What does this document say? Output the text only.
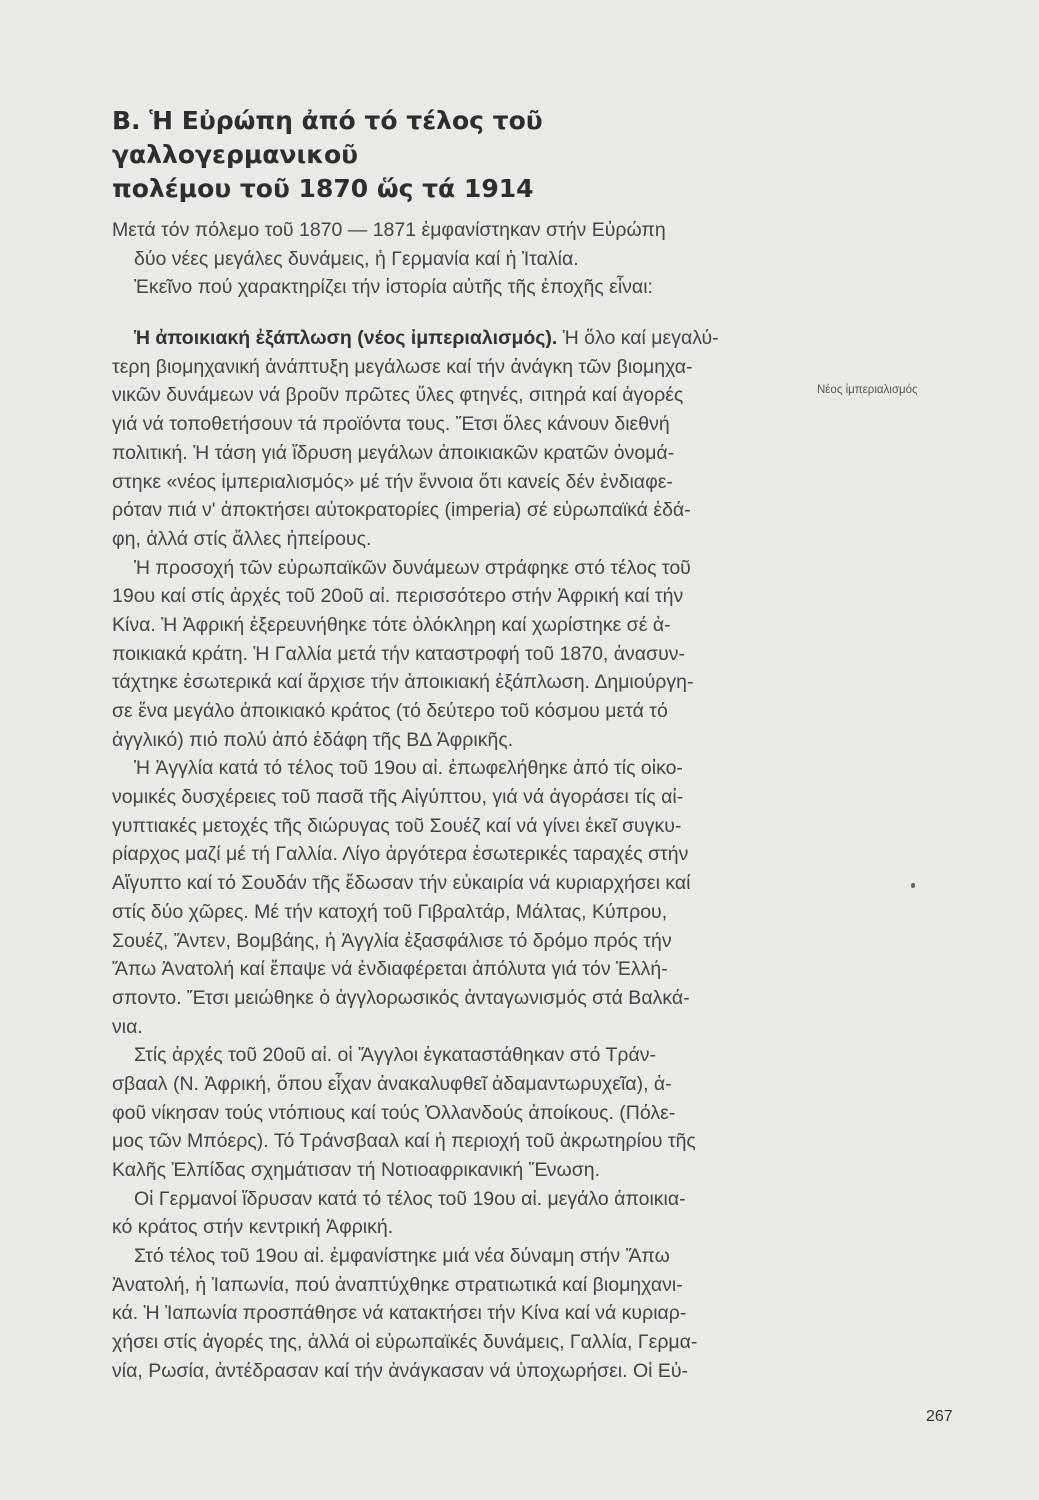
Β. Ἡ Εὐρώπη ἀπό τό τέλος τοῦ γαλλογερμανικοῦ
πολέμου τοῦ 1870 ὥς τά 1914
Μετά τόν πόλεμο τοῦ 1870 — 1871 ἐμφανίστηκαν στήν Εὐρώπη
δύο νέες μεγάλες δυνάμεις, ἡ Γερμανία καί ἡ Ἰταλία.
Ἐκεῖνο πού χαρακτηρίζει τήν ἱστορία αὐτῆς τῆς ἐποχῆς εἶναι:
Ἡ ἀποικιακή ἐξάπλωση (νέος ἰμπεριαλισμός). Ἡ ὅλο καί μεγαλύ-
τερη βιομηχανική ἀνάπτυξη μεγάλωσε καί τήν ἀνάγκη τῶν βιομηχα-
νικῶν δυνάμεων νά βροῦν πρῶτες ὕλες φτηνές, σιτηρά καί ἀγορές
γιά νά τοποθετήσουν τά προϊόντα τους. Ἔτσι ὅλες κάνουν διεθνή
πολιτική. Ἡ τάση γιά ἵδρυση μεγάλων ἀποικιακῶν κρατῶν ὀνομά-
στηκε «νέος ἰμπεριαλισμός» μέ τήν ἔννοια ὅτι κανείς δέν ἐνδιαφε-
ρόταν πιά ν' ἀποκτήσει αὐτοκρατορίες (imperia) σέ εὐρωπαϊκά ἐδά-
φη, ἀλλά στίς ἄλλες ἠπείρους.
Ἡ προσοχή τῶν εὐρωπαϊκῶν δυνάμεων στράφηκε στό τέλος τοῦ
19ου καί στίς ἀρχές τοῦ 20οῦ αἰ. περισσότερο στήν Ἀφρική καί τήν
Κίνα. Ἡ Ἀφρική ἐξερευνήθηκε τότε ὁλόκληρη καί χωρίστηκε σέ ἀ-
ποικιακά κράτη. Ἡ Γαλλία μετά τήν καταστροφή τοῦ 1870, ἀνασυν-
τάχτηκε ἐσωτερικά καί ἄρχισε τήν ἀποικιακή ἐξάπλωση. Δημιούργη-
σε ἕνα μεγάλο ἀποικιακό κράτος (τό δεύτερο τοῦ κόσμου μετά τό
ἀγγλικό) πιό πολύ ἀπό ἐδάφη τῆς ΒΔ Ἀφρικῆς.
Ἡ Ἀγγλία κατά τό τέλος τοῦ 19ου αἰ. ἐπωφελήθηκε ἀπό τίς οἰκο-
νομικές δυσχέρειες τοῦ πασᾶ τῆς Αἰγύπτου, γιά νά ἀγοράσει τίς αἰ-
γυπτιακές μετοχές τῆς διώρυγας τοῦ Σουέζ καί νά γίνει ἐκεῖ συγκυ-
ρίαρχος μαζί μέ τή Γαλλία. Λίγο ἀργότερα ἐσωτερικές ταραχές στήν
Αἴγυπτο καί τό Σουδάν τῆς ἔδωσαν τήν εὐκαιρία νά κυριαρχήσει καί
στίς δύο χῶρες. Μέ τήν κατοχή τοῦ Γιβραλτάρ, Μάλτας, Κύπρου,
Σουέζ, Ἄντεν, Βομβάης, ἡ Ἀγγλία ἐξασφάλισε τό δρόμο πρός τήν
Ἄπω Ἀνατολή καί ἔπαψε νά ἐνδιαφέρεται ἀπόλυτα γιά τόν Ἑλλή-
σποντο. Ἔτσι μειώθηκε ὁ ἀγγλορωσικός ἀνταγωνισμός στά Βαλκά-
νια.
Στίς ἀρχές τοῦ 20οῦ αἰ. οἱ Ἄγγλοι ἐγκαταστάθηκαν στό Τράν-
σβααλ (Ν. Ἀφρική, ὅπου εἶχαν ἀνακαλυφθεῖ ἀδαμαντωρυχεῖα), ἀ-
φοῦ νίκησαν τούς ντόπιους καί τούς Ὀλλανδούς ἀποίκους. (Πόλε-
μος τῶν Μπόερς). Τό Τράνσβααλ καί ἡ περιοχή τοῦ ἀκρωτηρίου τῆς
Καλῆς Ἐλπίδας σχημάτισαν τή Νοτιοαφρικανική Ἕνωση.
Οἱ Γερμανοί ἵδρυσαν κατά τό τέλος τοῦ 19ου αἰ. μεγάλο ἀποικια-
κό κράτος στήν κεντρική Ἀφρική.
Στό τέλος τοῦ 19ου αἰ. ἐμφανίστηκε μιά νέα δύναμη στήν Ἄπω
Ἀνατολή, ἡ Ἰαπωνία, πού ἀναπτύχθηκε στρατιωτικά καί βιομηχανι-
κά. Ἡ Ἰαπωνία προσπάθησε νά κατακτήσει τήν Κίνα καί νά κυριαρ-
χήσει στίς ἀγορές της, ἀλλά οἱ εὐρωπαϊκές δυνάμεις, Γαλλία, Γερμα-
νία, Ρωσία, ἀντέδρασαν καί τήν ἀνάγκασαν νά ὑποχωρήσει. Οἱ Εὐ-
Νέος ἰμπεριαλισμός
267
